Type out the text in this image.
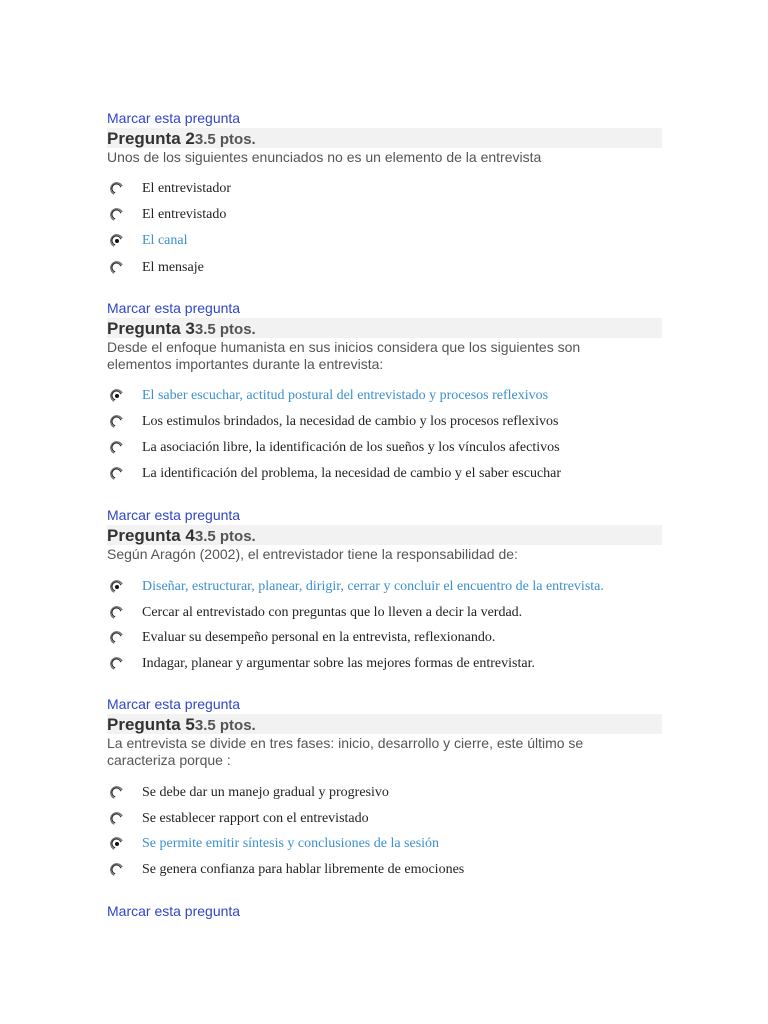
Marcar esta pregunta
Pregunta 23.5 ptos.
Unos de los siguientes enunciados no es un elemento de la entrevista
El entrevistador
El entrevistado
El canal
El mensaje
Marcar esta pregunta
Pregunta 33.5 ptos.
Desde el enfoque humanista en sus inicios considera que los siguientes son elementos importantes durante la entrevista:
El saber escuchar, actitud postural del entrevistado y procesos reflexivos
Los estimulos brindados, la necesidad de cambio y los procesos reflexivos
La asociación libre, la identificación de los sueños y los vínculos afectivos
La identificación del problema, la necesidad de cambio y el saber escuchar
Marcar esta pregunta
Pregunta 43.5 ptos.
Según Aragón (2002), el entrevistador tiene la responsabilidad de:
Diseñar, estructurar, planear, dirigir, cerrar y concluir el encuentro de la entrevista.
Cercar al entrevistado con preguntas que lo lleven a decir la verdad.
Evaluar su desempeño personal en la entrevista, reflexionando.
Indagar, planear y argumentar sobre las mejores formas de entrevistar.
Marcar esta pregunta
Pregunta 53.5 ptos.
La entrevista se divide en tres fases: inicio, desarrollo y cierre, este último se caracteriza porque :
Se debe dar un manejo gradual y progresivo
Se establecer rapport con el entrevistado
Se permite emitir síntesis y conclusiones de la sesión
Se genera confianza para hablar libremente de emociones
Marcar esta pregunta
